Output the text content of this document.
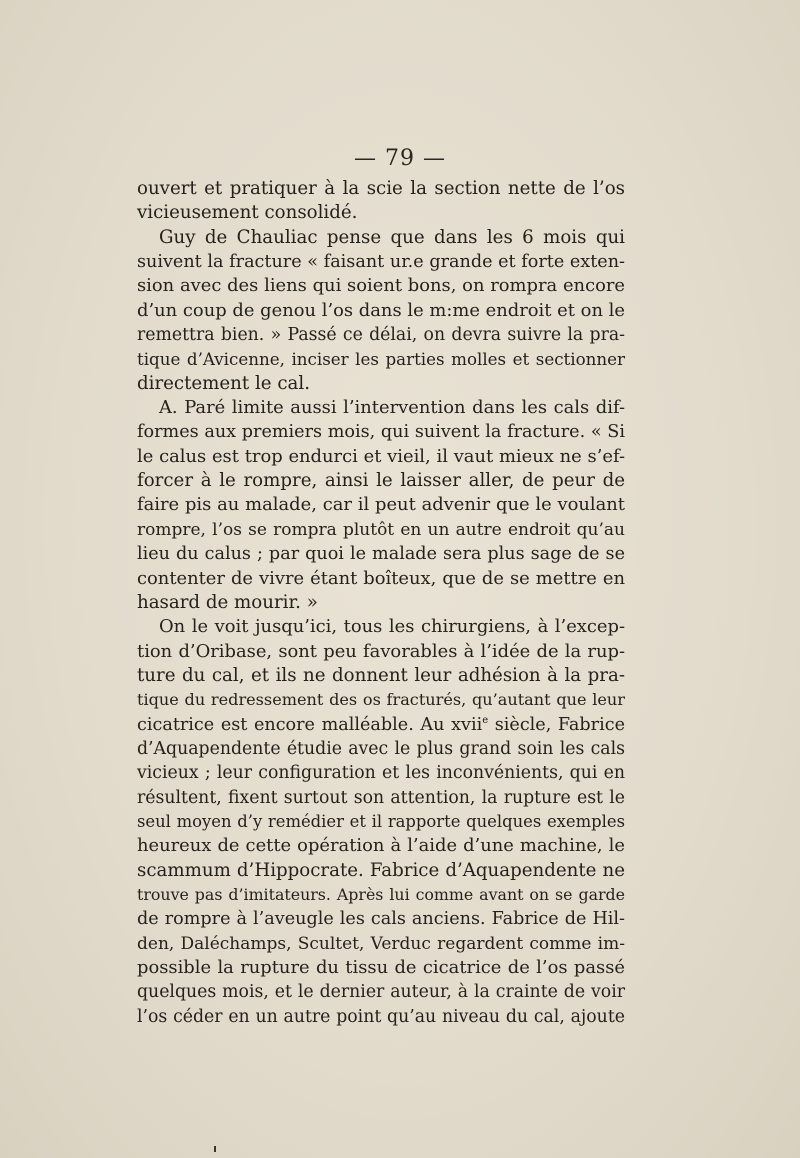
— 79 —
ouvert et pratiquer à la scie la section nette de l’os
vicieusement consolidé.
Guy de Chauliac pense que dans les 6 mois qui
suivent la fracture « faisant ur.e grande et forte exten-
sion avec des liens qui soient bons, on rompra encore
d’un coup de genou l’os dans le m:me endroit et on le
remettra bien. » Passé ce délai, on devra suivre la pra-
tique d’Avicenne, inciser les parties molles et sectionner
directement le cal.
A. Paré limite aussi l’intervention dans les cals dif-
formes aux premiers mois, qui suivent la fracture. « Si
le calus est trop endurci et vieil, il vaut mieux ne s’ef-
forcer à le rompre, ainsi le laisser aller, de peur de
faire pis au malade, car il peut advenir que le voulant
rompre, l’os se rompra plutôt en un autre endroit qu’au
lieu du calus ; par quoi le malade sera plus sage de se
contenter de vivre étant boîteux, que de se mettre en
hasard de mourir. »
On le voit jusqu’ici, tous les chirurgiens, à l’excep-
tion d’Oribase, sont peu favorables à l’idée de la rup-
ture du cal, et ils ne donnent leur adhésion à la pra-
tique du redressement des os fracturés, qu’autant que leur
cicatrice est encore malléable. Au xvii$^e$ siècle, Fabrice
d’Aquapendente étudie avec le plus grand soin les cals
vicieux ; leur configuration et les inconvénients, qui en
résultent, fixent surtout son attention, la rupture est le
seul moyen d’y remédier et il rapporte quelques exemples
heureux de cette opération à l’aide d’une machine, le
scammum d’Hippocrate. Fabrice d’Aquapendente ne
trouve pas d’imitateurs. Après lui comme avant on se garde
de rompre à l’aveugle les cals anciens. Fabrice de Hil-
den, Daléchamps, Scultet, Verduc regardent comme im-
possible la rupture du tissu de cicatrice de l’os passé
quelques mois, et le dernier auteur, à la crainte de voir
l’os céder en un autre point qu’au niveau du cal, ajoute
